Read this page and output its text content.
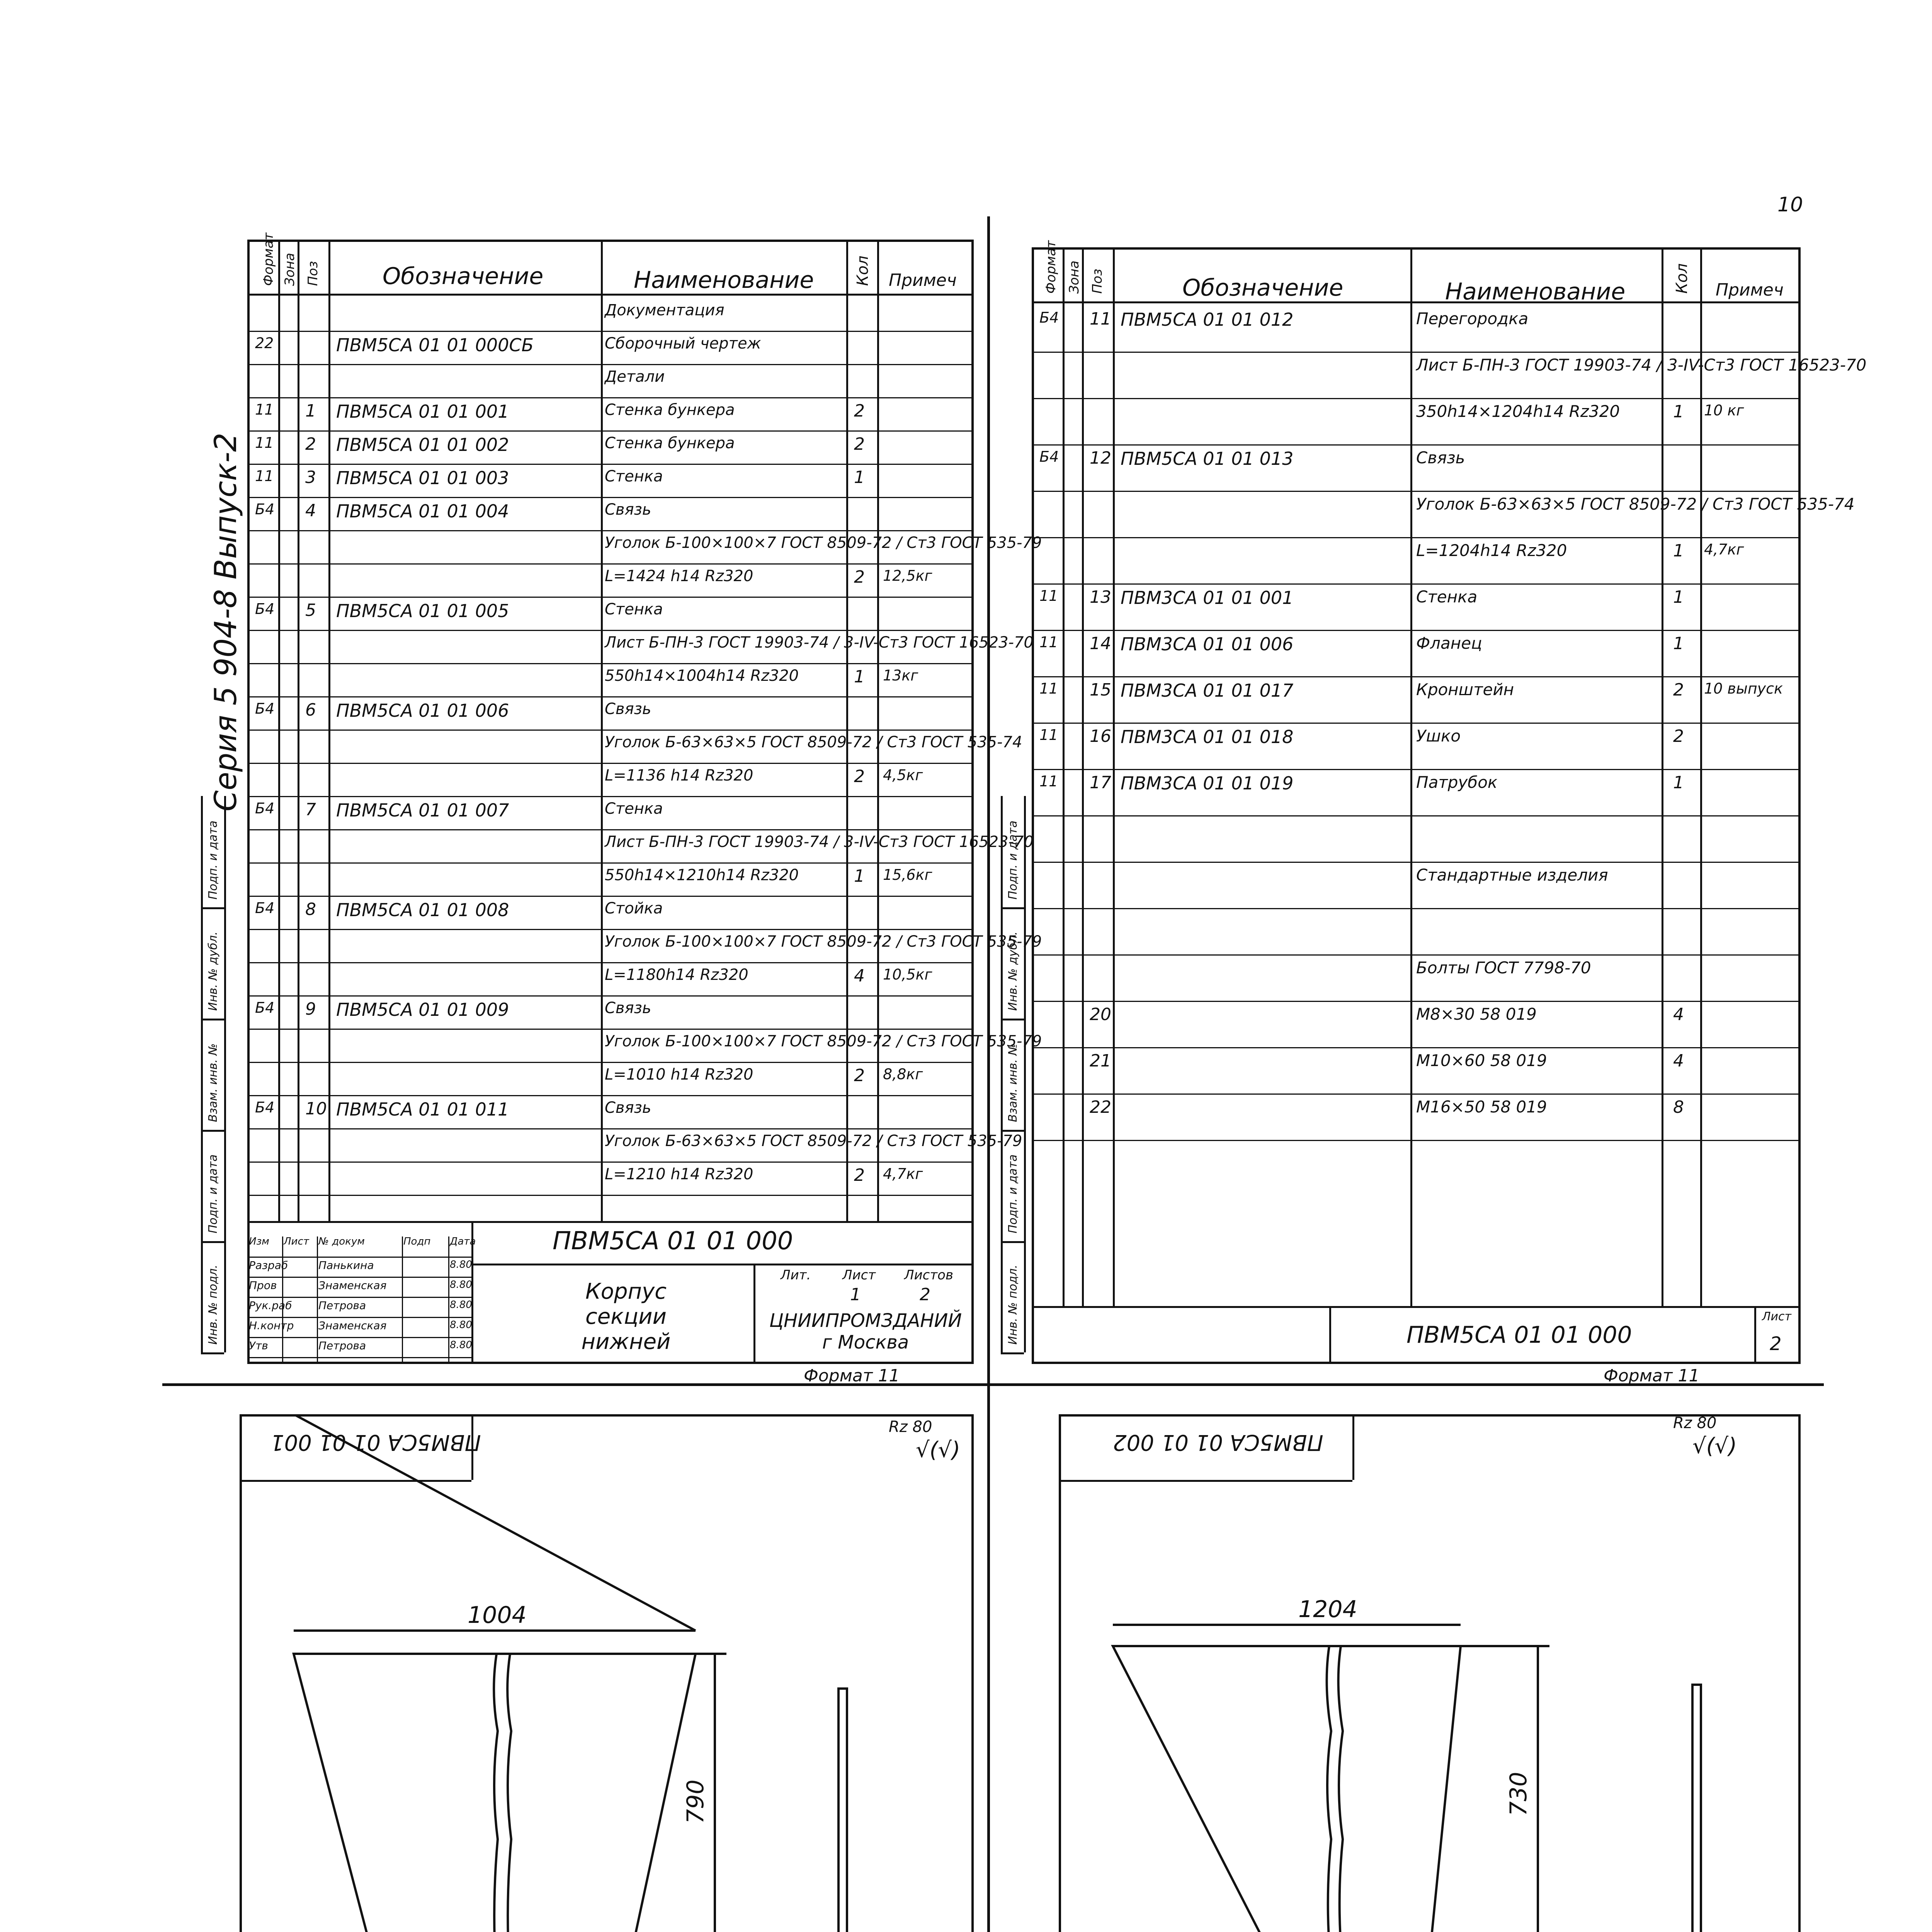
10
Серия 5 904-8 Выпуск-2
Формат Зона Поз	Обозначение	Наименование	Кол Примеч
Документация
22	ПВМ5СА 01 01 000СБ	Сборочный чертеж
Детали
11 1 ПВМ5СА 01 01 001	Стенка бункера	2
11 2 ПВМ5СА 01 01 002	Стенка бункера	2
11 3 ПВМ5СА 01 01 003	Стенка	1
Б4 4 ПВМ5СА 01 01 004	Связь
Уголок Б-100×100×7 ГОСТ 8509-72 / Ст3 ГОСТ 535-79
L=1424 h14 Rz320	2 12,5кг
Б4 5 ПВМ5СА 01 01 005	Стенка
Лист Б-ПН-3 ГОСТ 19903-74 / 3-IV-Ст3 ГОСТ 16523-70
550h14×1004h14 Rz320	1 13кг
Б4 6 ПВМ5СА 01 01 006	Связь
Уголок Б-63×63×5 ГОСТ 8509-72 / Ст3 ГОСТ 535-74
L=1136 h14 Rz320	2 4,5кг
Б4 7 ПВМ5СА 01 01 007	Стенка
Лист Б-ПН-3 ГОСТ 19903-74 / 3-IV-Ст3 ГОСТ 16523-70
550h14×1210h14 Rz320	1 15,6кг
Б4 8 ПВМ5СА 01 01 008	Стойка
Уголок Б-100×100×7 ГОСТ 8509-72 / Ст3 ГОСТ 535-79
L=1180h14 Rz320	4 10,5кг
Б4 9 ПВМ5СА 01 01 009	Связь
Уголок Б-100×100×7 ГОСТ 8509-72 / Ст3 ГОСТ 535-79
L=1010 h14 Rz320	2 8,8кг
Б4 10 ПВМ5СА 01 01 011	Связь
Уголок Б-63×63×5 ГОСТ 8509-72 / Ст3 ГОСТ 535-79
L=1210 h14 Rz320	2 4,7кг
ПВМ5СА 01 01 000
Корпус секции нижней
Лит. Лист Листов
1	2
ЦНИИПРОМЗДАНИЙ г Москва
Формат 11
Изм Лист № докум	Подп Дата
Разраб	Панькина	8.80
Пров	Знаменская	8.80
Рук.раб Петрова	8.80
Н.контр Знаменская	8.80
Утв	Петрова	8.80
Формат Зона Поз	Обозначение	Наименование	Кол Примеч
Б4 11 ПВМ5СА 01 01 012	Перегородка
Лист Б-ПН-3 ГОСТ 19903-74 / 3-IV-Ст3 ГОСТ 16523-70
350h14×1204h14 Rz320	1 10 кг
Б4 12 ПВМ5СА 01 01 013	Связь
Уголок Б-63×63×5 ГОСТ 8509-72 / Ст3 ГОСТ 535-74
L=1204h14 Rz320	1 4,7кг
11 13 ПВМ3СА 01 01 001	Стенка	1
11 14 ПВМ3СА 01 01 006	Фланец	1
11 15 ПВМ3СА 01 01 017	Кронштейн	2 10 выпуск
11 16 ПВМ3СА 01 01 018	Ушко	2
11 17 ПВМ3СА 01 01 019	Патрубок	1
Стандартные изделия
Болты ГОСТ 7798-70
20	М8×30 58 019	4
21	М10×60 58 019	4
22	М16×50 58 019	8
ПВМ5СА 01 01 000
Лист
2
Формат 11
Инв. № подл.
Подп. и дата
Взам. инв. №
Инв. № дубл.
Подп. и дата
Инв. № подл.
Подп. и дата
Взам. инв. №
Инв. № дубл.
Подп. и дата
ПВМ5СА 01 01 001
Rz 80
√(√)
1004
790
ПВМ5СА 01 01 002
Rz 80
√(√)
1204
730
